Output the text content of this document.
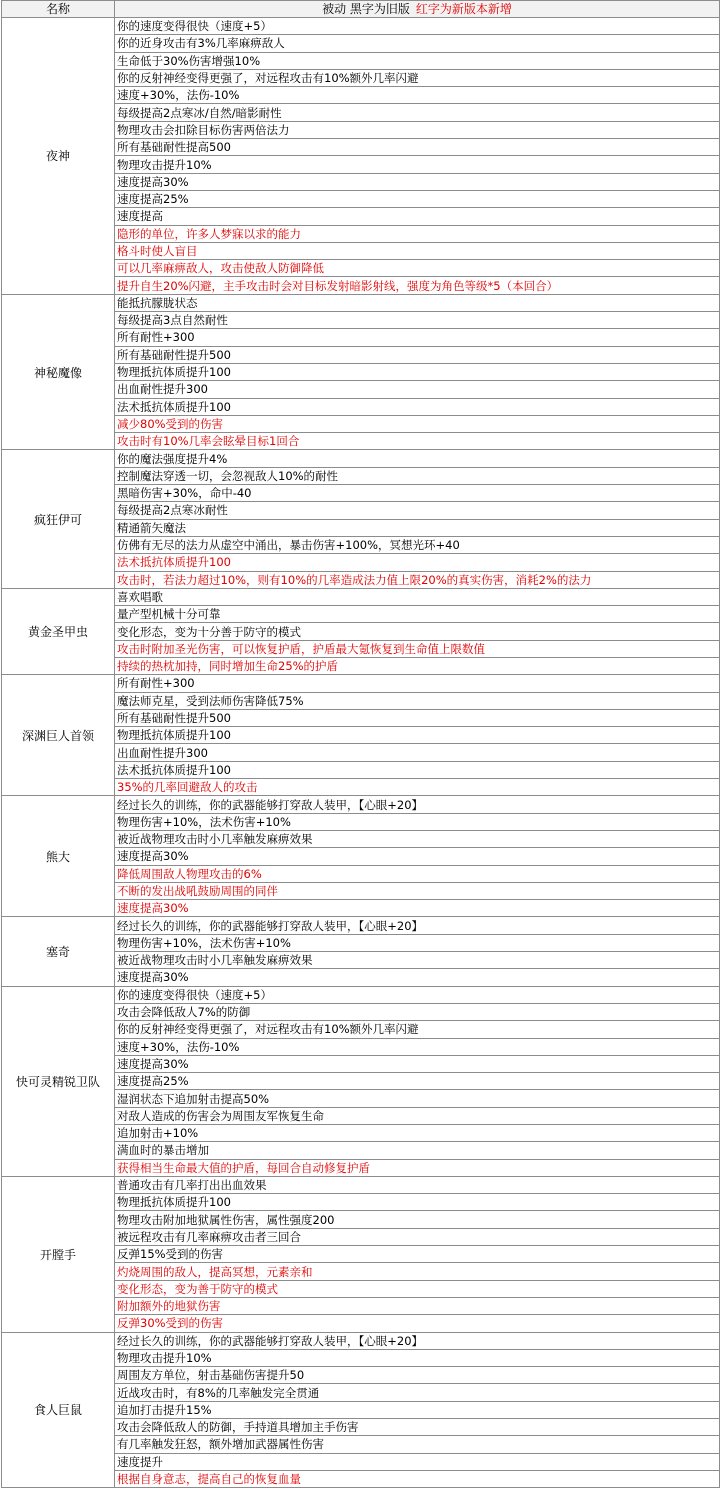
名称	被动 黑字为旧版 红字为新版本新增
夜神	你的速度变得很快（速度+5）
	你的近身攻击有3%几率麻痹敌人
	生命低于30%伤害增强10%
	你的反射神经变得更强了，对远程攻击有10%额外几率闪避
	速度+30%，法伤-10%
	每级提高2点寒冰/自然/暗影耐性
	物理攻击会扣除目标伤害两倍法力
	所有基础耐性提高500
	物理攻击提升10%
	速度提高30%
	速度提高25%
	速度提高
	隐形的单位，许多人梦寐以求的能力
	格斗时使人盲目
	可以几率麻痹敌人，攻击使敌人防御降低
	提升自生20%闪避，主手攻击时会对目标发射暗影射线，强度为角色等级*5（本回合）
神秘魔像	能抵抗朦胧状态
	每级提高3点自然耐性
	所有耐性+300
	所有基础耐性提升500
	物理抵抗体质提升100
	出血耐性提升300
	法术抵抗体质提升100
	减少80%受到的伤害
	攻击时有10%几率会眩晕目标1回合
疯狂伊可	你的魔法强度提升4%
	控制魔法穿透一切，会忽视敌人10%的耐性
	黑暗伤害+30%，命中-40
	每级提高2点寒冰耐性
	精通箭矢魔法
	仿佛有无尽的法力从虚空中涌出，暴击伤害+100%，冥想光环+40
	法术抵抗体质提升100
	攻击时，若法力超过10%，则有10%的几率造成法力值上限20%的真实伤害，消耗2%的法力
黄金圣甲虫	喜欢唱歌
	量产型机械十分可靠
	变化形态，变为十分善于防守的模式
	攻击时附加圣光伤害，可以恢复护盾，护盾最大氪恢复到生命值上限数值
	持续的热枕加持，同时增加生命25%的护盾
深渊巨人首领	所有耐性+300
	魔法师克星，受到法师伤害降低75%
	所有基础耐性提升500
	物理抵抗体质提升100
	出血耐性提升300
	法术抵抗体质提升100
	35%的几率回避敌人的攻击
熊大	经过长久的训练，你的武器能够打穿敌人装甲，【心眼+20】
	物理伤害+10%，法术伤害+10%
	被近战物理攻击时小几率触发麻痹效果
	速度提高30%
	降低周围敌人物理攻击的6%
	不断的发出战吼鼓励周围的同伴
	速度提高30%
塞奇	经过长久的训练，你的武器能够打穿敌人装甲，【心眼+20】
	物理伤害+10%，法术伤害+10%
	被近战物理攻击时小几率触发麻痹效果
	速度提高30%
快可灵精锐卫队	你的速度变得很快（速度+5）
	攻击会降低敌人7%的防御
	你的反射神经变得更强了，对远程攻击有10%额外几率闪避
	速度+30%，法伤-10%
	速度提高30%
	速度提高25%
	湿润状态下追加射击提高50%
	对敌人造成的伤害会为周围友军恢复生命
	追加射击+10%
	满血时的暴击增加
	获得相当生命最大值的护盾，每回合自动修复护盾
开膛手	普通攻击有几率打出出血效果
	物理抵抗体质提升100
	物理攻击附加地狱属性伤害，属性强度200
	被远程攻击有几率麻痹攻击者三回合
	反弹15%受到的伤害
	灼烧周围的敌人，提高冥想，元素亲和
	变化形态，变为善于防守的模式
	附加额外的地狱伤害
	反弹30%受到的伤害
食人巨鼠	经过长久的训练，你的武器能够打穿敌人装甲，【心眼+20】
	物理攻击提升10%
	周围友方单位，射击基础伤害提升50
	近战攻击时，有8%的几率触发完全贯通
	追加打击提升15%
	攻击会降低敌人的防御，手持道具增加主手伤害
	有几率触发狂怒，额外增加武器属性伤害
	速度提升
	根据自身意志，提高自己的恢复血量
